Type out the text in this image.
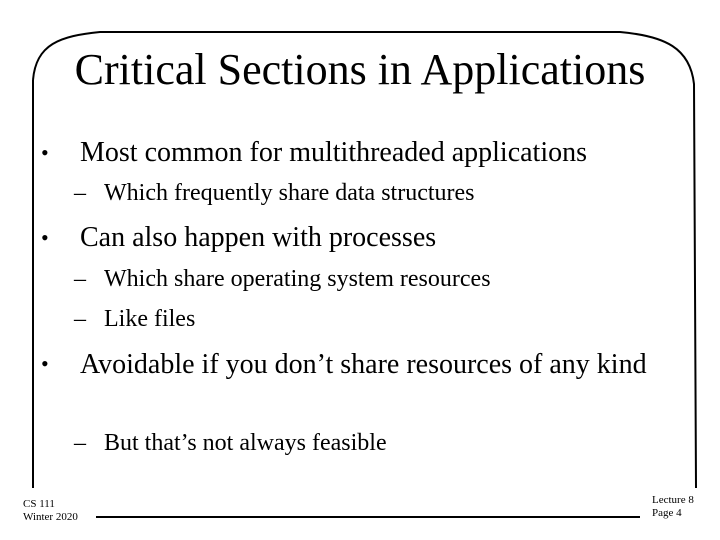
Critical Sections in Applications
• Most common for multithreaded applications
– Which frequently share data structures
• Can also happen with processes
– Which share operating system resources
– Like files
• Avoidable if you don’t share resources of any kind
– But that’s not always feasible
CS 111
Winter 2020
Lecture 8
Page 4
